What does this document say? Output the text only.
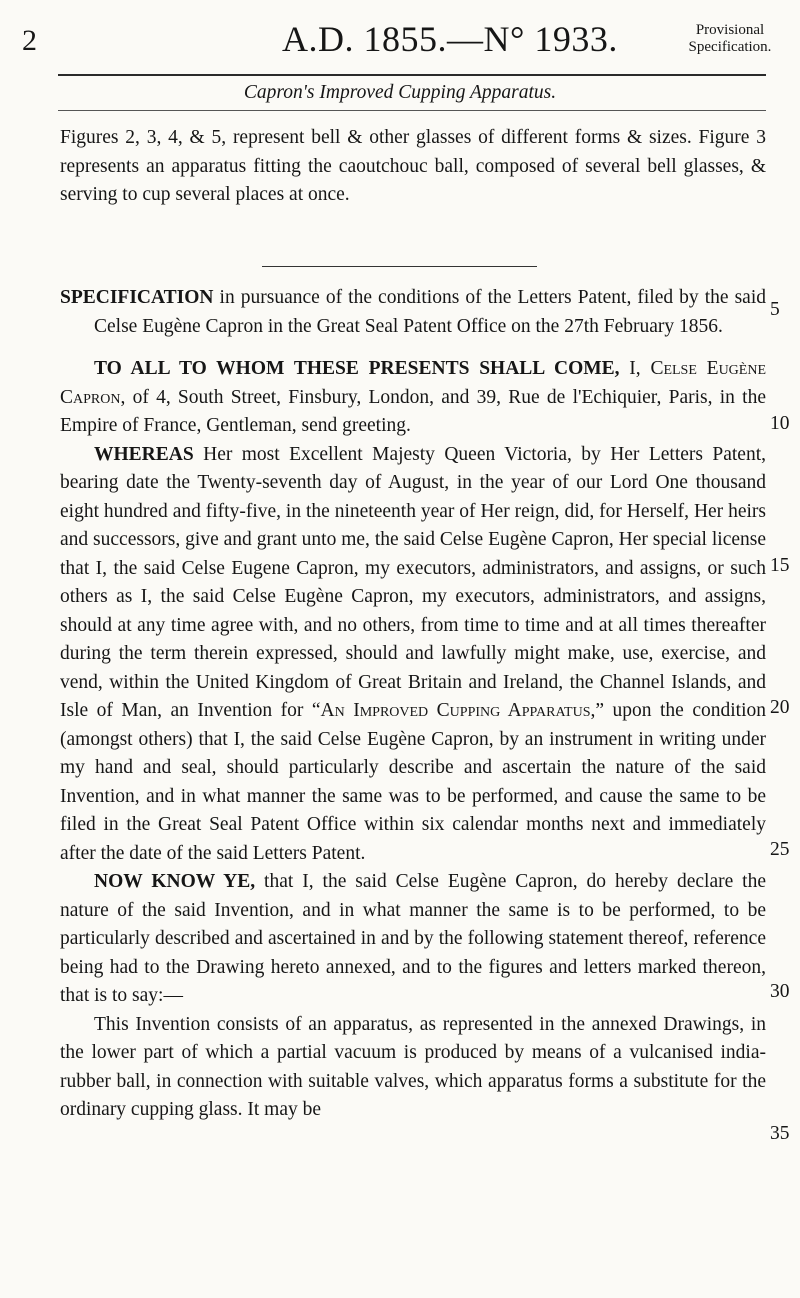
2	A.D. 1855.—N° 1933.	Provisional
Specification.
Capron's Improved Cupping Apparatus.

Figures 2, 3, 4, & 5, represent bell & other glasses of different forms & sizes. Figure 3 represents an apparatus fitting the caoutchouc ball, composed of several bell glasses, & serving to cup several places at once.

SPECIFICATION in pursuance of the conditions of the Letters Patent, filed by the said Celse Eugène Capron in the Great Seal Patent Office on the 27th February 1856.

TO ALL TO WHOM THESE PRESENTS SHALL COME, I, Celse Eugène Capron, of 4, South Street, Finsbury, London, and 39, Rue de l'Echiquier, Paris, in the Empire of France, Gentleman, send greeting.

WHEREAS Her most Excellent Majesty Queen Victoria, by Her Letters Patent, bearing date the Twenty-seventh day of August, in the year of our Lord One thousand eight hundred and fifty-five, in the nineteenth year of Her reign, did, for Herself, Her heirs and successors, give and grant unto me, the said Celse Eugène Capron, Her special license that I, the said Celse Eugene Capron, my executors, administrators, and assigns, or such others as I, the said Celse Eugène Capron, my executors, administrators, and assigns, should at any time agree with, and no others, from time to time and at all times thereafter during the term therein expressed, should and lawfully might make, use, exercise, and vend, within the United Kingdom of Great Britain and Ireland, the Channel Islands, and Isle of Man, an Invention for “An Improved Cupping Apparatus,” upon the condition (amongst others) that I, the said Celse Eugène Capron, by an instrument in writing under my hand and seal, should particularly describe and ascertain the nature of the said Invention, and in what manner the same was to be performed, and cause the same to be filed in the Great Seal Patent Office within six calendar months next and immediately after the date of the said Letters Patent.

NOW KNOW YE, that I, the said Celse Eugène Capron, do hereby declare the nature of the said Invention, and in what manner the same is to be performed, to be particularly described and ascertained in and by the following statement thereof, reference being had to the Drawing hereto annexed, and to the figures and letters marked thereon, that is to say:—

This Invention consists of an apparatus, as represented in the annexed Drawings, in the lower part of which a partial vacuum is produced by means of a vulcanised india-rubber ball, in connection with suitable valves, which apparatus forms a substitute for the ordinary cupping glass. It may be

5
10
15
20
25
30
35
